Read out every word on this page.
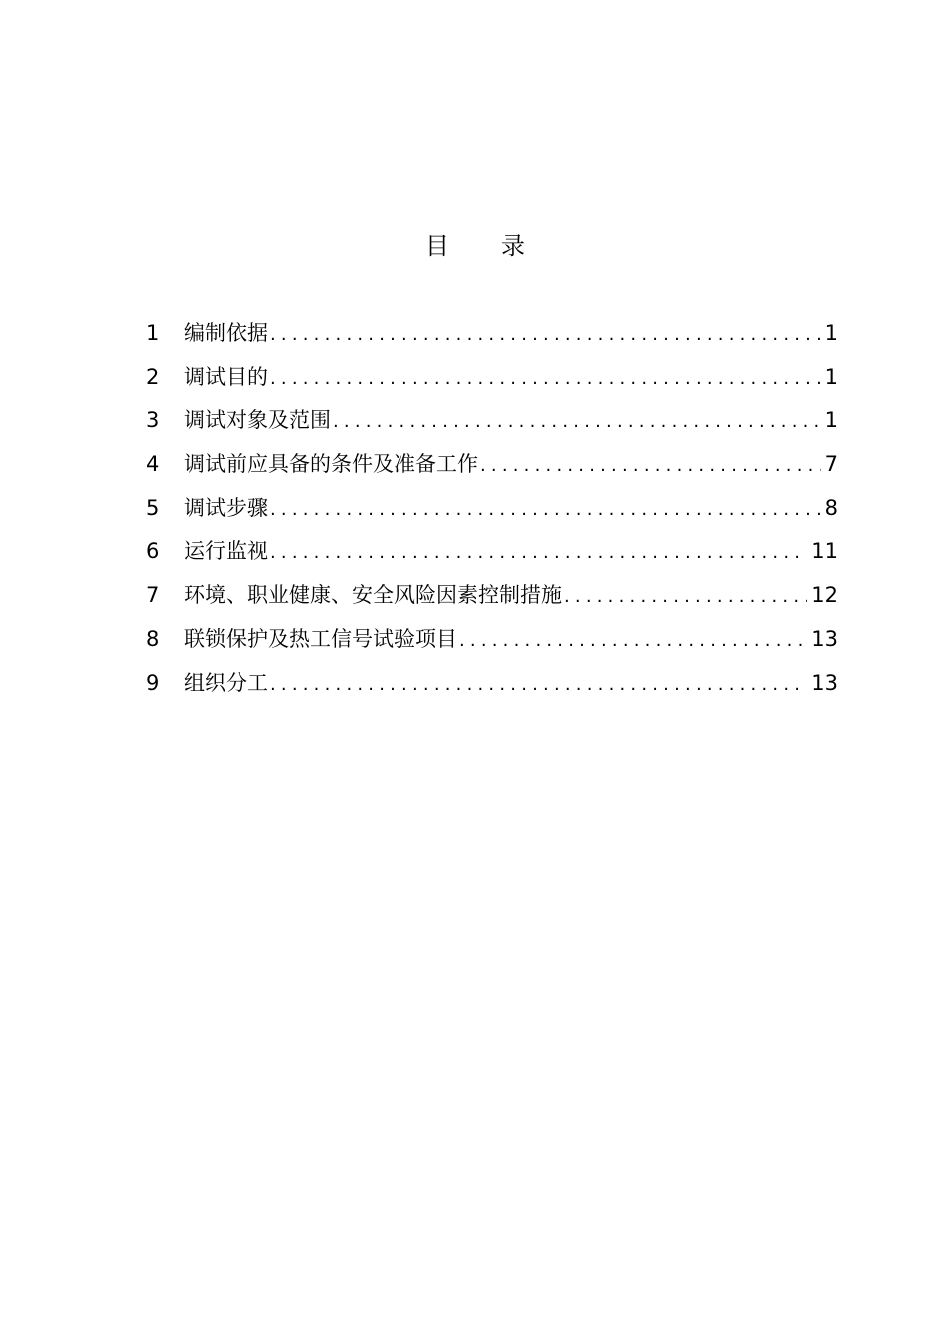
目 录
1	编制依据 .....	1
2	调试目的 .....	1
3	调试对象及范围 .....	1
4	调试前应具备的条件及准备工作 .....	7
5	调试步骤 .....	8
6	运行监视 .....	11
7	环境、职业健康、安全风险因素控制措施 .....	12
8	联锁保护及热工信号试验项目 .....	13
9	组织分工 .....	13
